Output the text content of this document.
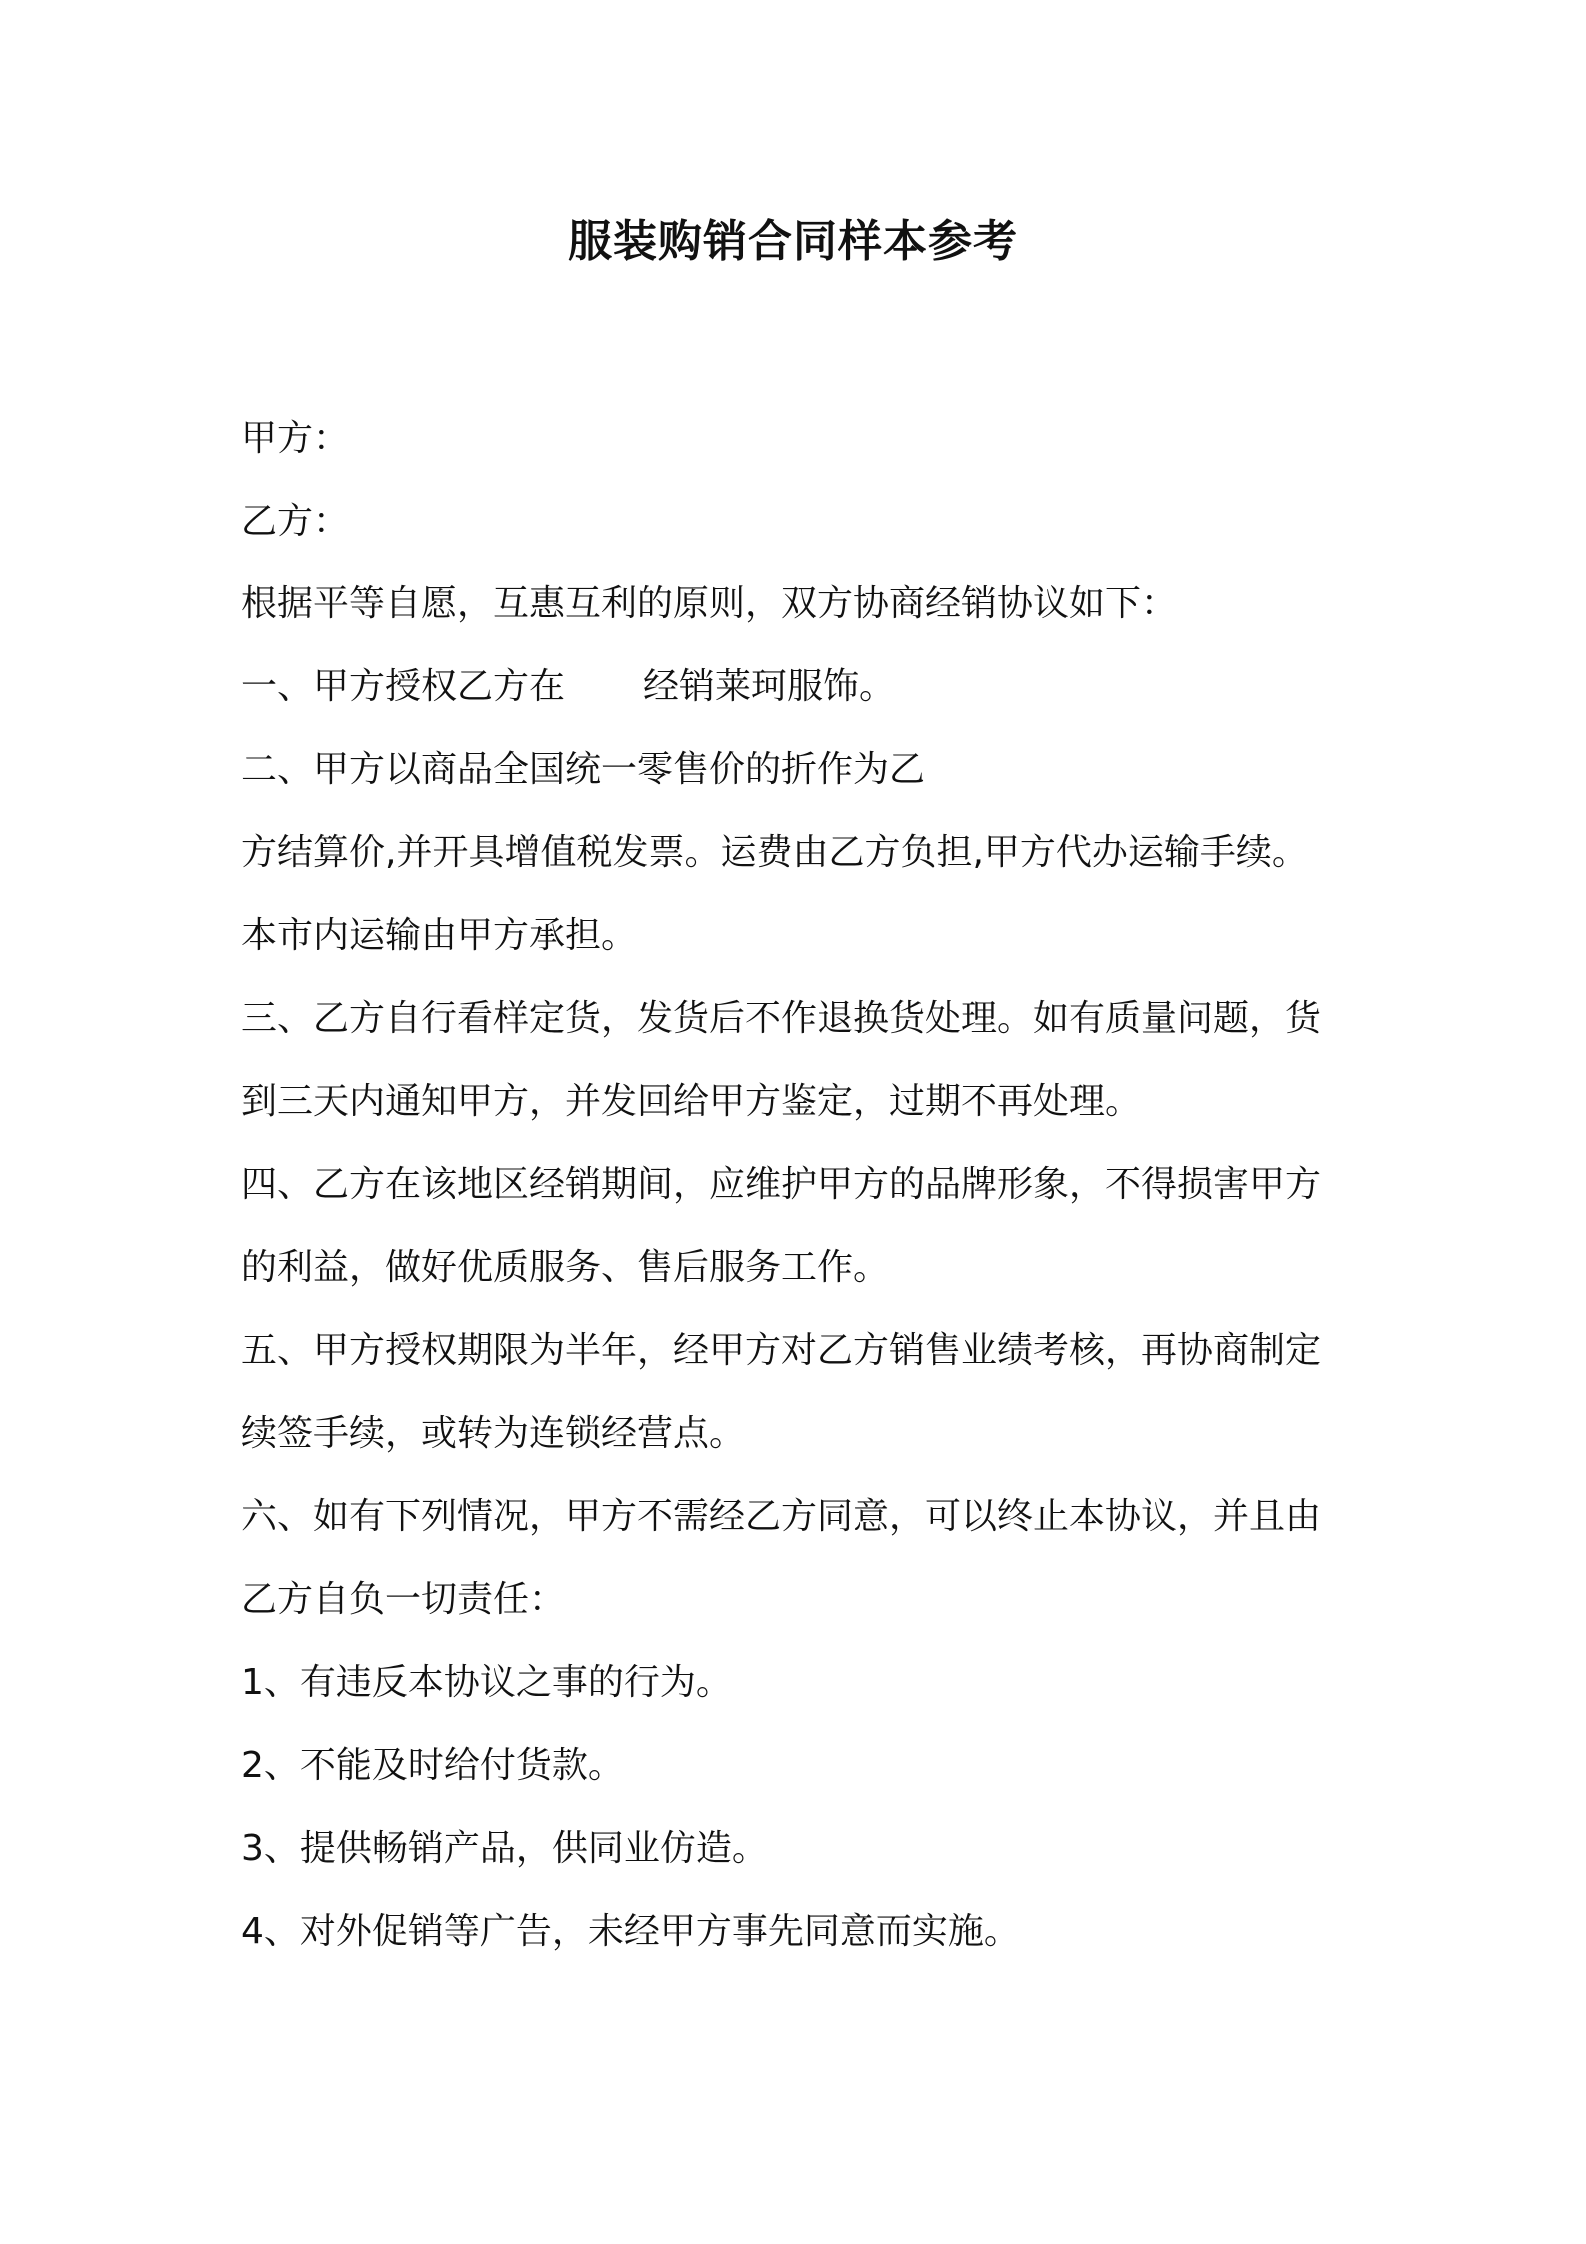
服装购销合同样本参考
甲方：
乙方：
根据平等自愿，互惠互利的原则，双方协商经销协议如下：
一、甲方授权乙方在 经销莱珂服饰。
二、甲方以商品全国统一零售价的折作为乙
方结算价,并开具增值税发票。运费由乙方负担,甲方代办运输手续。
本市内运输由甲方承担。
三、乙方自行看样定货，发货后不作退换货处理。如有质量问题，货
到三天内通知甲方，并发回给甲方鉴定，过期不再处理。
四、乙方在该地区经销期间，应维护甲方的品牌形象，不得损害甲方
的利益，做好优质服务、售后服务工作。
五、甲方授权期限为半年，经甲方对乙方销售业绩考核，再协商制定
续签手续，或转为连锁经营点。
六、如有下列情况，甲方不需经乙方同意，可以终止本协议，并且由
乙方自负一切责任：
1、有违反本协议之事的行为。
2、不能及时给付货款。
3、提供畅销产品，供同业仿造。
4、对外促销等广告，未经甲方事先同意而实施。
